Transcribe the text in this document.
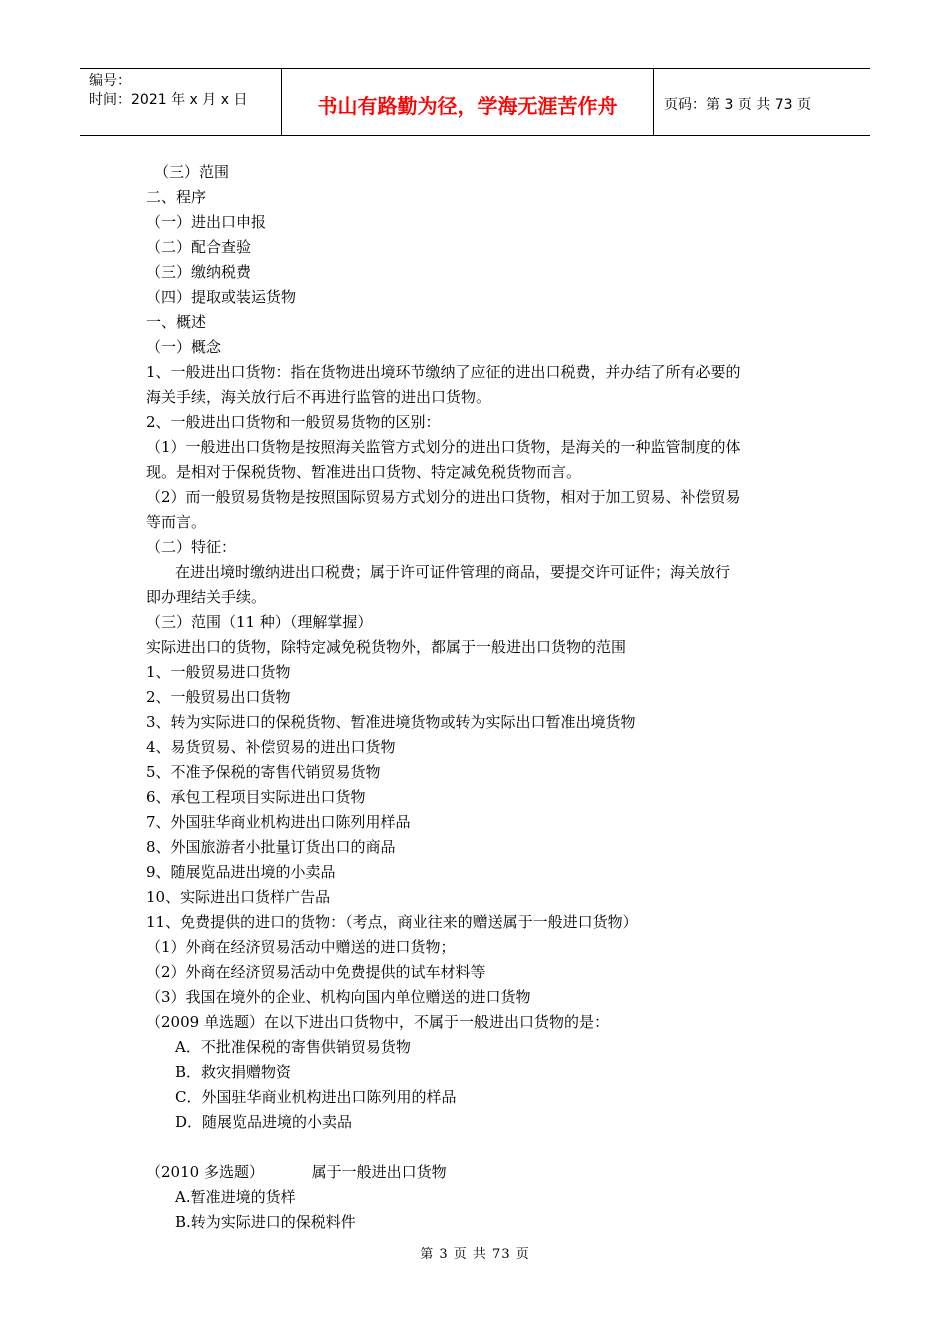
编号：
时间：2021 年 x 月 x 日	书山有路勤为径，学海无涯苦作舟	页码：第 3 页 共 73 页
（三）范围
二、程序
（一）进出口申报
（二）配合查验
（三）缴纳税费
（四）提取或装运货物
一、概述
（一）概念
1、一般进出口货物：指在货物进出境环节缴纳了应征的进出口税费，并办结了所有必要的
海关手续，海关放行后不再进行监管的进出口货物。
2、一般进出口货物和一般贸易货物的区别：
（1）一般进出口货物是按照海关监管方式划分的进出口货物，是海关的一种监管制度的体
现。是相对于保税货物、暂准进出口货物、特定减免税货物而言。
（2）而一般贸易货物是按照国际贸易方式划分的进出口货物，相对于加工贸易、补偿贸易
等而言。
（二）特征：
在进出境时缴纳进出口税费；属于许可证件管理的商品，要提交许可证件；海关放行
即办理结关手续。
（三）范围（11 种）（理解掌握）
实际进出口的货物，除特定减免税货物外，都属于一般进出口货物的范围
1、一般贸易进口货物
2、一般贸易出口货物
3、转为实际进口的保税货物、暂准进境货物或转为实际出口暂准出境货物
4、易货贸易、补偿贸易的进出口货物
5、不准予保税的寄售代销贸易货物
6、承包工程项目实际进出口货物
7、外国驻华商业机构进出口陈列用样品
8、外国旅游者小批量订货出口的商品
9、随展览品进出境的小卖品
10、实际进出口货样广告品
11、免费提供的进口的货物：（考点，商业往来的赠送属于一般进口货物）
（1）外商在经济贸易活动中赠送的进口货物；
（2）外商在经济贸易活动中免费提供的试车材料等
（3）我国在境外的企业、机构向国内单位赠送的进口货物
（2009 单选题）在以下进出口货物中，不属于一般进出口货物的是：
A．不批准保税的寄售供销贸易货物
B．救灾捐赠物资
C．外国驻华商业机构进出口陈列用的样品
D．随展览品进境的小卖品
（2010 多选题）          属于一般进出口货物
A.暂准进境的货样
B.转为实际进口的保税料件
第 3 页 共 73 页
